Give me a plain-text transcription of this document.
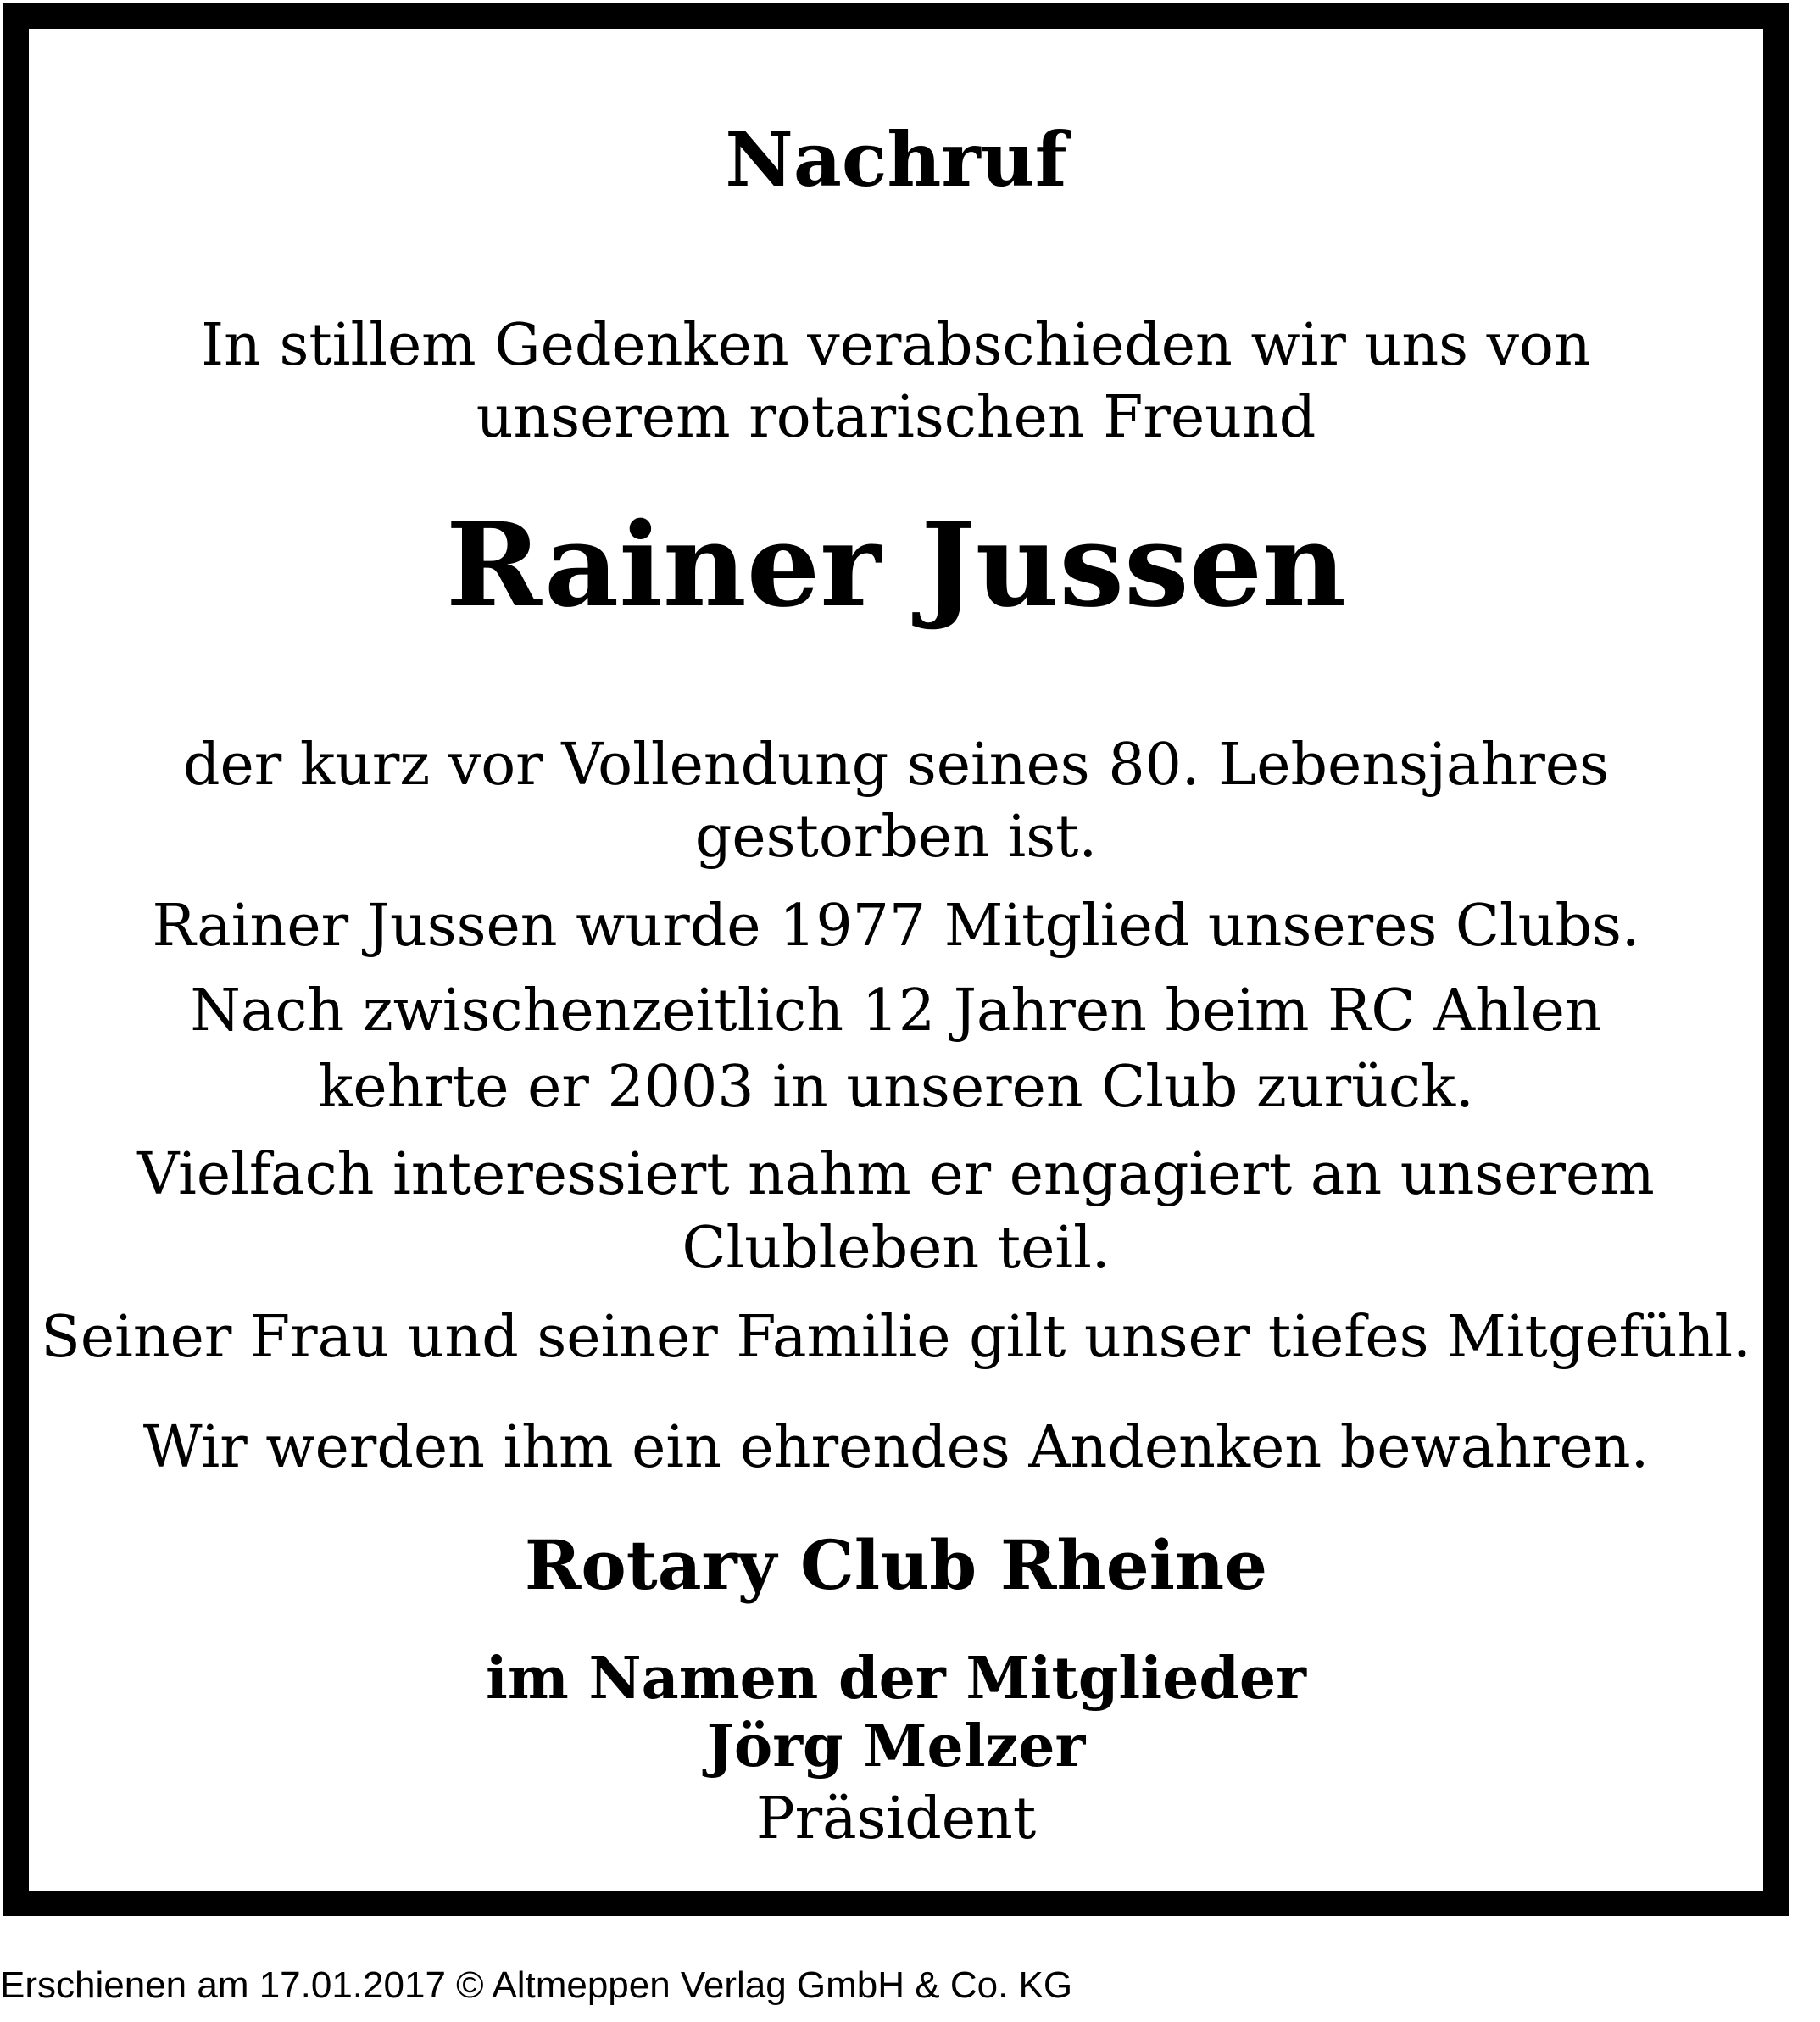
Nachruf
In stillem Gedenken verabschieden wir uns von
unserem rotarischen Freund
Rainer Jussen
der kurz vor Vollendung seines 80. Lebensjahres
gestorben ist.
Rainer Jussen wurde 1977 Mitglied unseres Clubs.
Nach zwischenzeitlich 12 Jahren beim RC Ahlen
kehrte er 2003 in unseren Club zurück.
Vielfach interessiert nahm er engagiert an unserem
Clubleben teil.
Seiner Frau und seiner Familie gilt unser tiefes Mitgefühl.
Wir werden ihm ein ehrendes Andenken bewahren.
Rotary Club Rheine
im Namen der Mitglieder
Jörg Melzer
Präsident
Erschienen am 17.01.2017 © Altmeppen Verlag GmbH & Co. KG
